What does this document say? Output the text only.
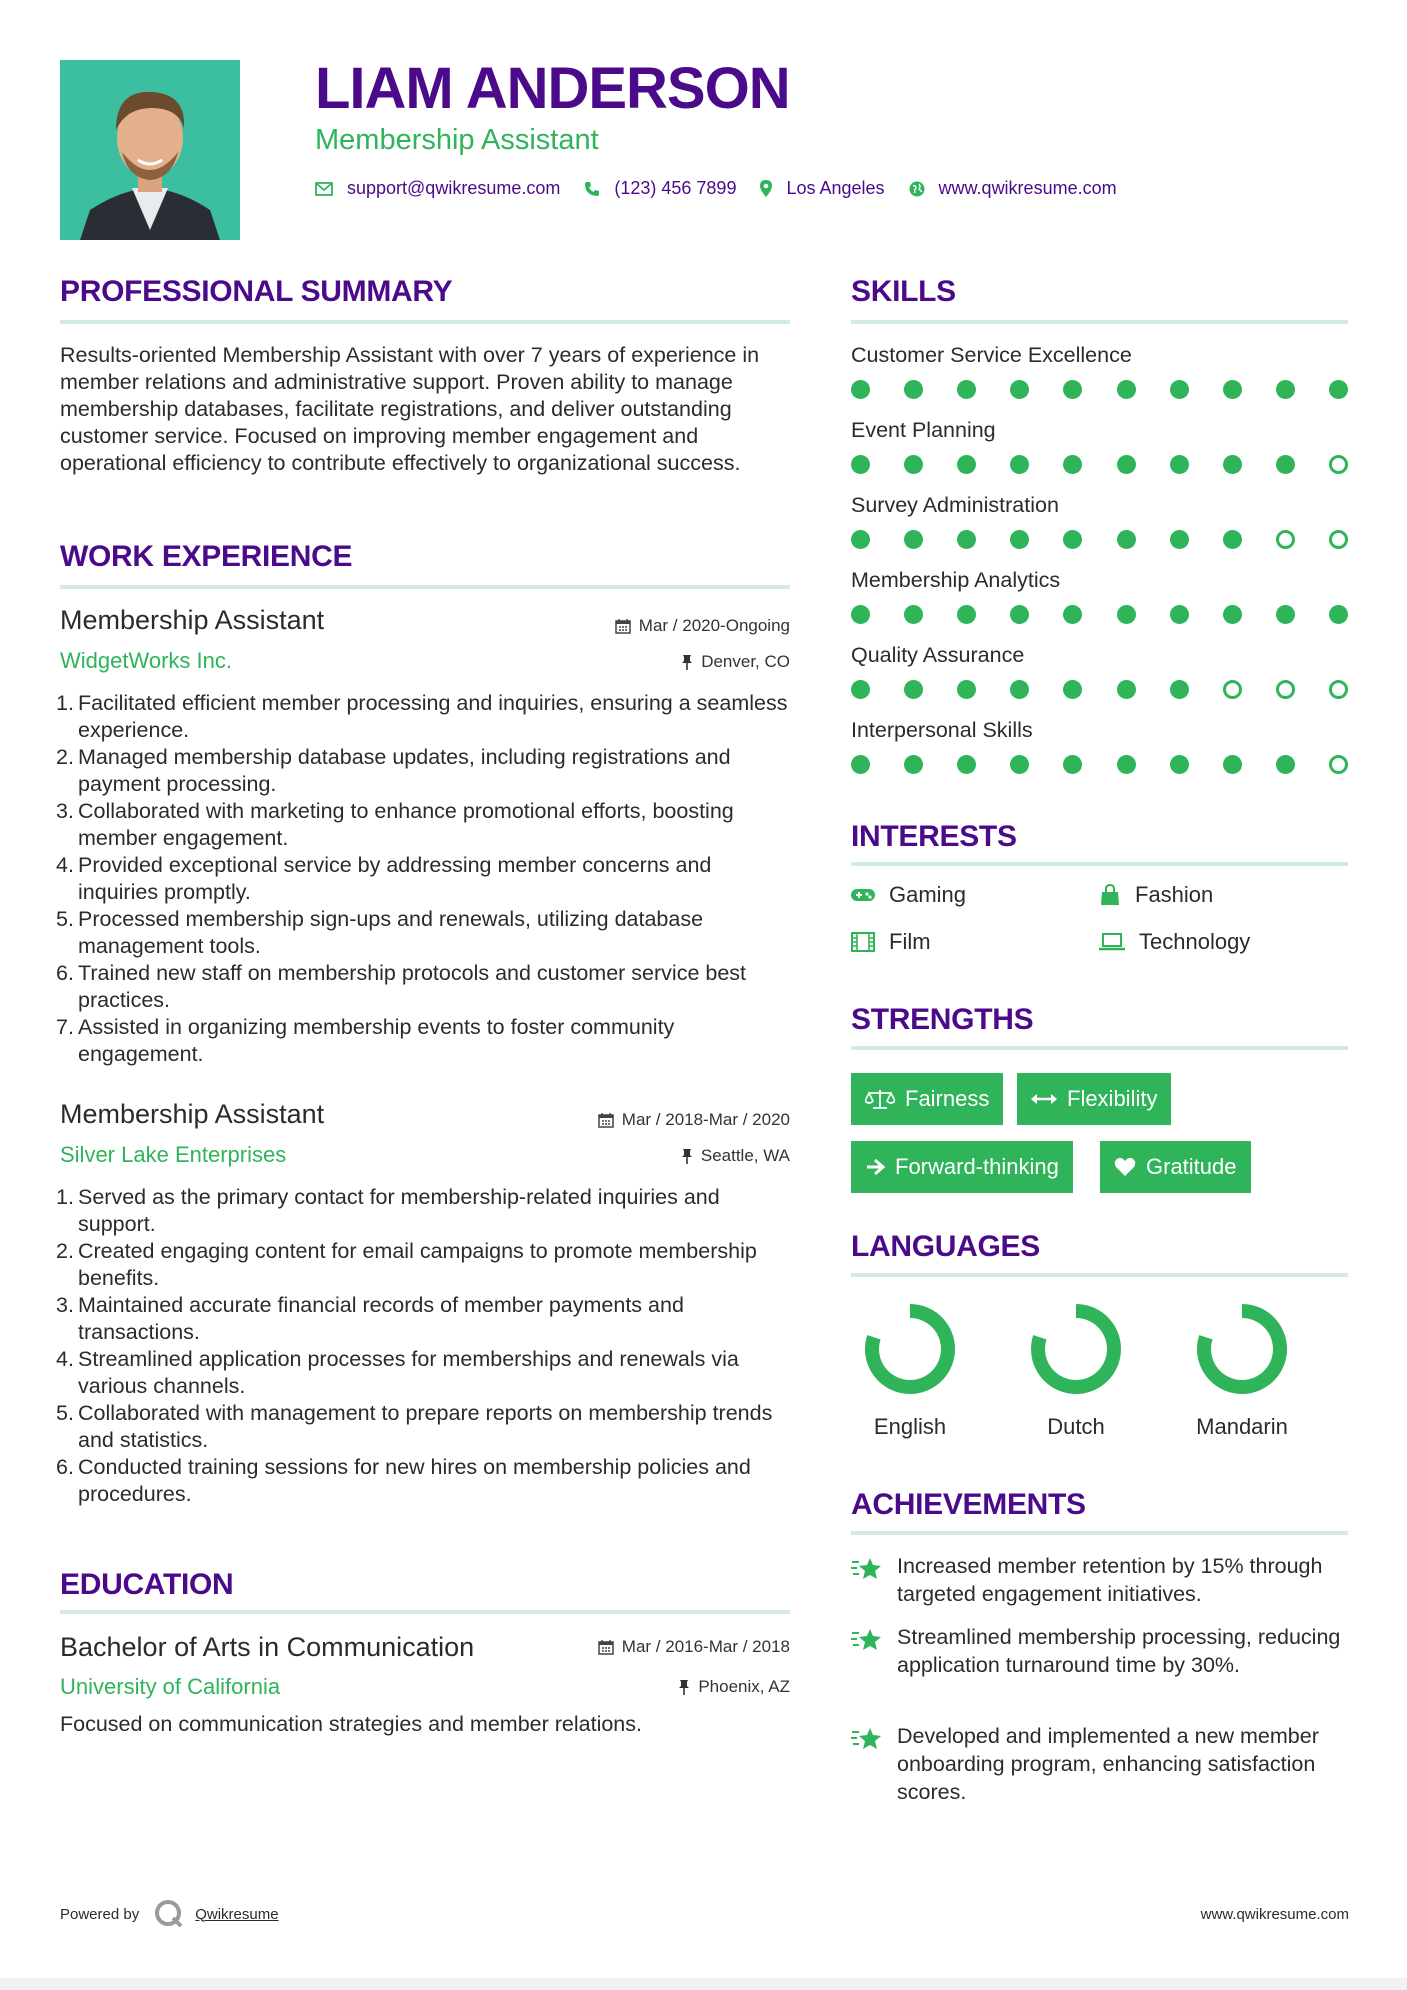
LIAM ANDERSON
Membership Assistant
support@qwikresume.com	(123) 456 7899	Los Angeles	www.qwikresume.com
PROFESSIONAL SUMMARY
Results-oriented Membership Assistant with over 7 years of experience in member relations and administrative support. Proven ability to manage membership databases, facilitate registrations, and deliver outstanding customer service. Focused on improving member engagement and operational efficiency to contribute effectively to organizational success.
WORK EXPERIENCE
Membership Assistant	Mar / 2020-Ongoing
WidgetWorks Inc.	Denver, CO
1. Facilitated efficient member processing and inquiries, ensuring a seamless experience.
2. Managed membership database updates, including registrations and payment processing.
3. Collaborated with marketing to enhance promotional efforts, boosting member engagement.
4. Provided exceptional service by addressing member concerns and inquiries promptly.
5. Processed membership sign-ups and renewals, utilizing database management tools.
6. Trained new staff on membership protocols and customer service best practices.
7. Assisted in organizing membership events to foster community engagement.
Membership Assistant	Mar / 2018-Mar / 2020
Silver Lake Enterprises	Seattle, WA
1. Served as the primary contact for membership-related inquiries and support.
2. Created engaging content for email campaigns to promote membership benefits.
3. Maintained accurate financial records of member payments and transactions.
4. Streamlined application processes for memberships and renewals via various channels.
5. Collaborated with management to prepare reports on membership trends and statistics.
6. Conducted training sessions for new hires on membership policies and procedures.
EDUCATION
Bachelor of Arts in Communication	Mar / 2016-Mar / 2018
University of California	Phoenix, AZ
Focused on communication strategies and member relations.
SKILLS
Customer Service Excellence
Event Planning
Survey Administration
Membership Analytics
Quality Assurance
Interpersonal Skills
INTERESTS
Gaming	Fashion
Film	Technology
STRENGTHS
Fairness	Flexibility
Forward-thinking	Gratitude
LANGUAGES
English	Dutch	Mandarin
ACHIEVEMENTS
Increased member retention by 15% through targeted engagement initiatives.
Streamlined membership processing, reducing application turnaround time by 30%.
Developed and implemented a new member onboarding program, enhancing satisfaction scores.
Powered by	Qwikresume	www.qwikresume.com
